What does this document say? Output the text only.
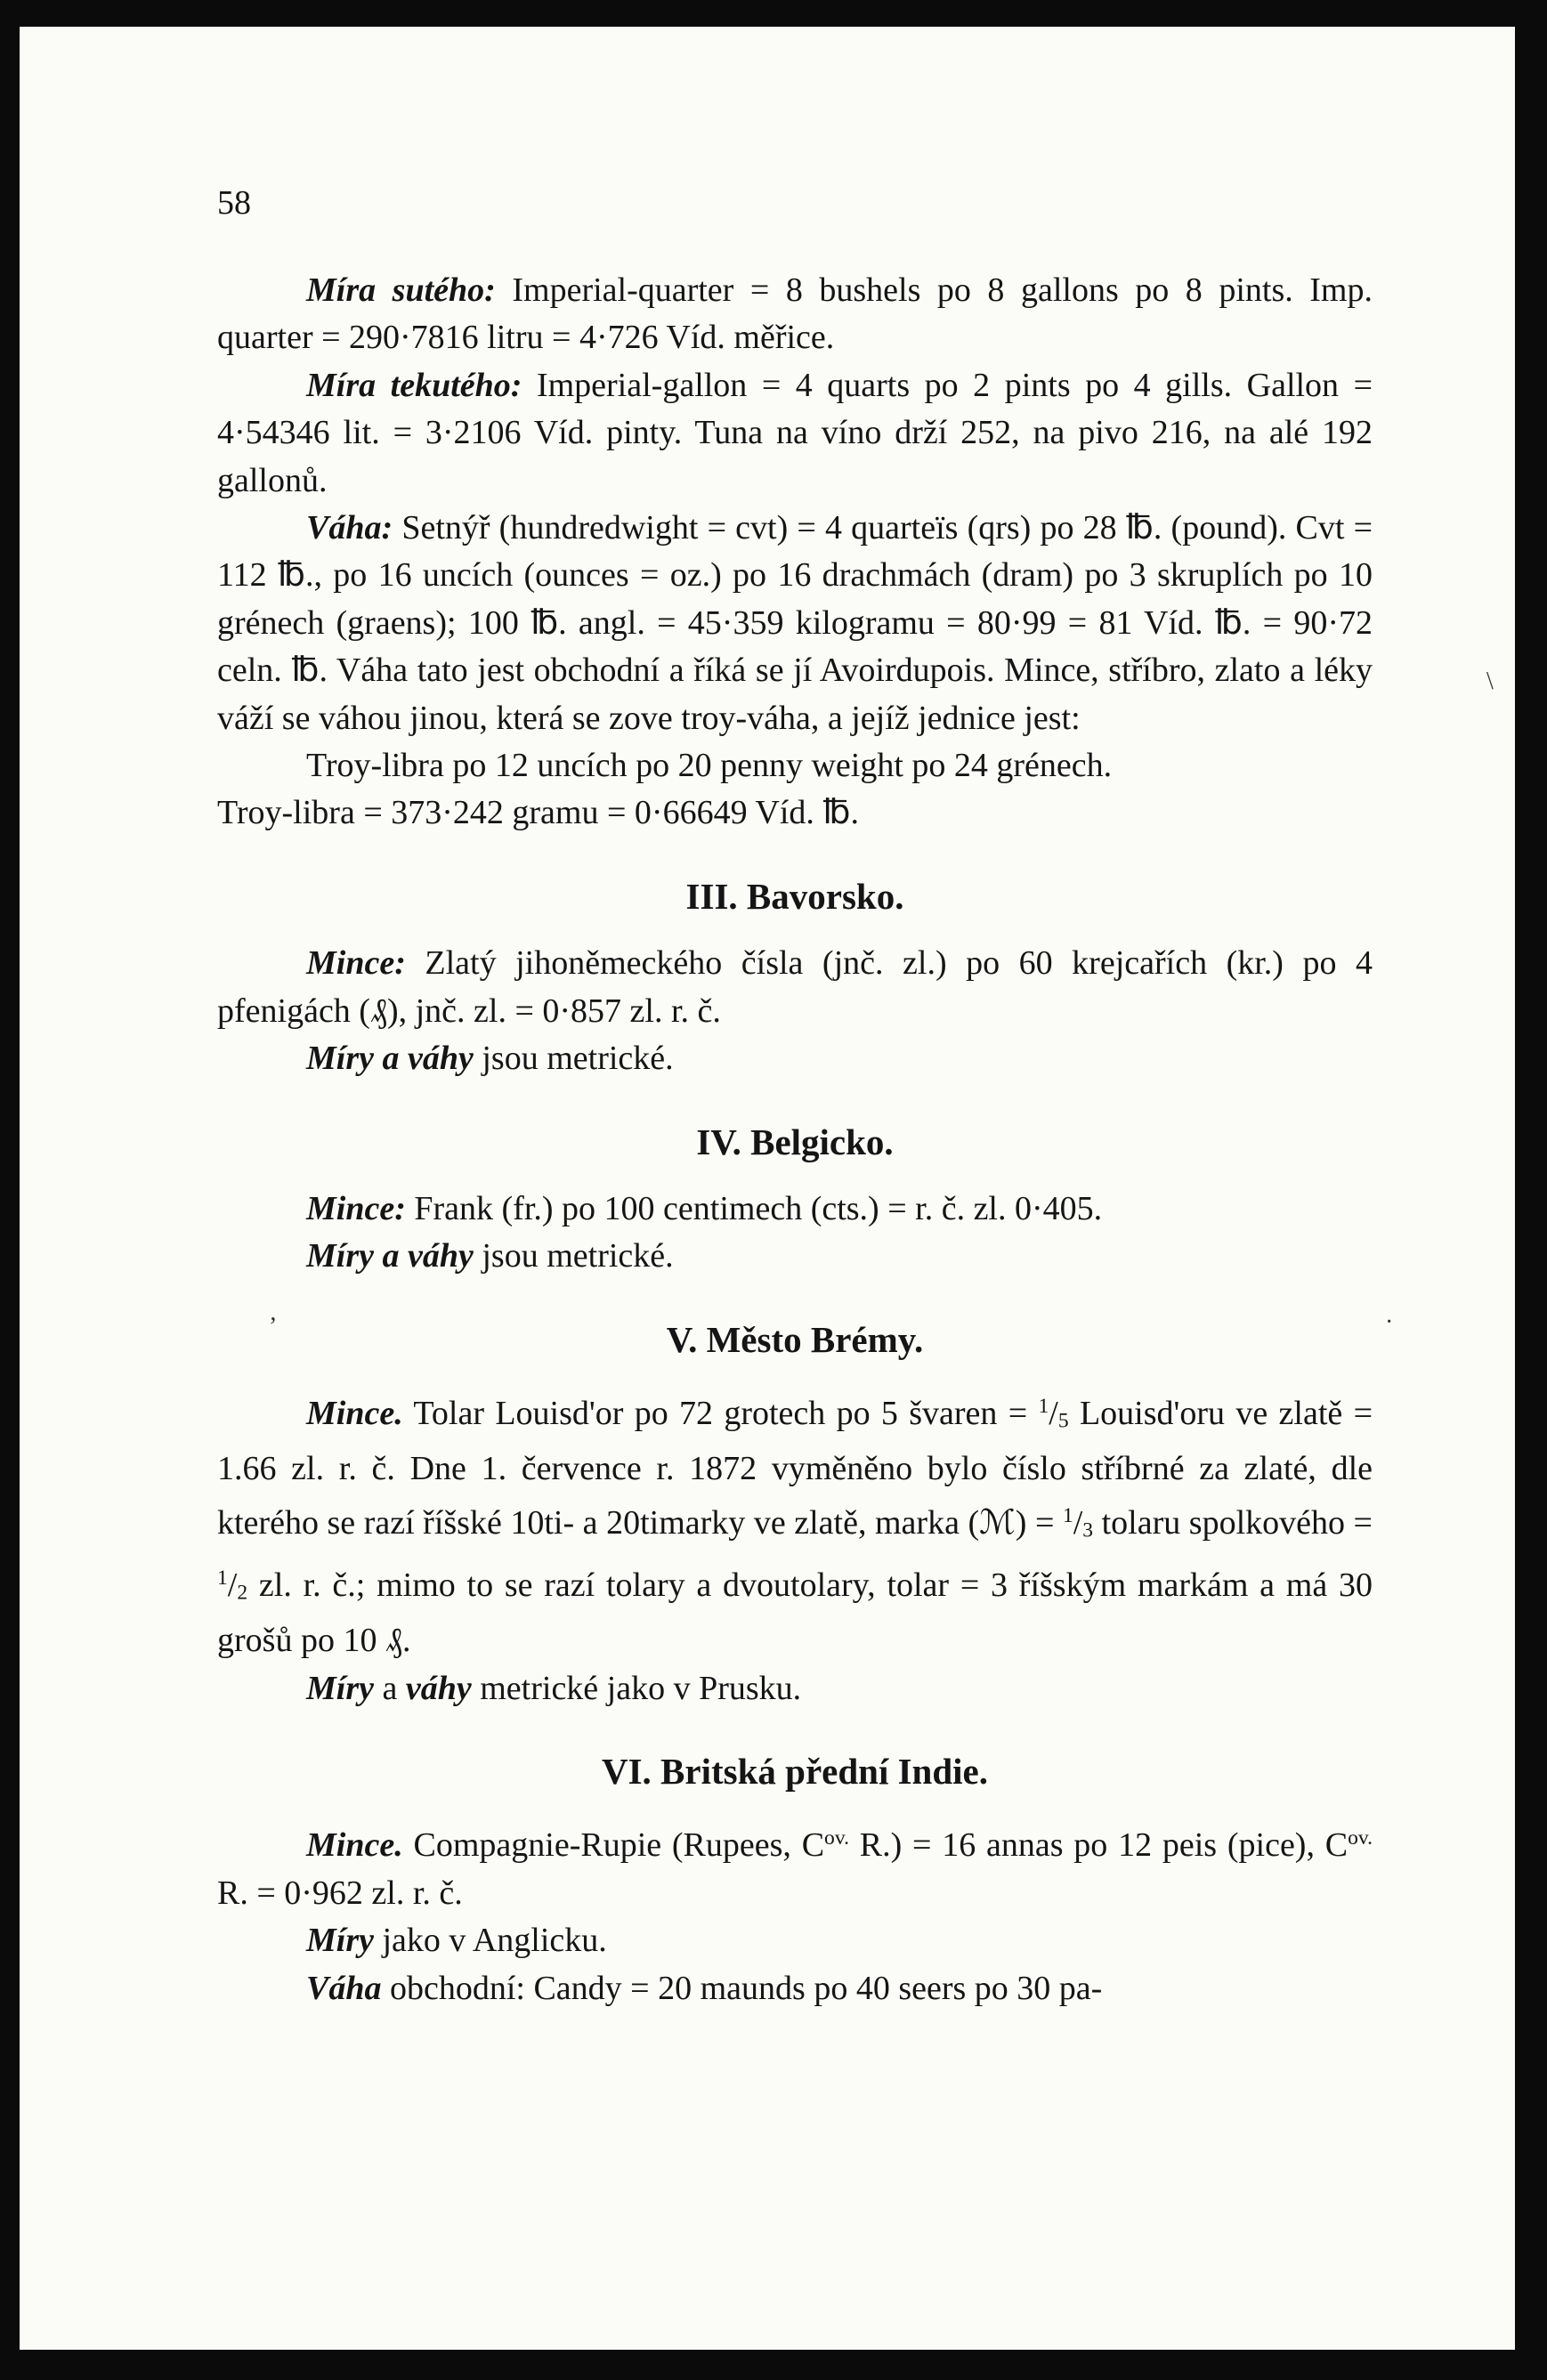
58

Míra sutého: Imperial-quarter = 8 bushels po 8 gallons po 8 pints. Imp. quarter = 290·7816 litru = 4·726 Víd. měřice.

Míra tekutého: Imperial-gallon = 4 quarts po 2 pints po 4 gills. Gallon = 4·54346 lit. = 3·2106 Víd. pinty. Tuna na víno drží 252, na pivo 216, na alé 192 gallonů.

Váha: Setnýř (hundredwight = cvt) = 4 quarteïs (qrs) po 28 ℔. (pound). Cvt = 112 ℔., po 16 uncích (ounces = oz.) po 16 drachmách (dram) po 3 skruplích po 10 grénech (graens); 100 ℔. angl. = 45·359 kilogramu = 80·99 = 81 Víd. ℔. = 90·72 celn. ℔. Váha tato jest obchodní a říká se jí Avoirdupois. Mince, stříbro, zlato a léky váží se váhou jinou, která se zove troy-váha, a jejíž jednice jest:

Troy-libra po 12 uncích po 20 penny weight po 24 grénech.

Troy-libra = 373·242 gramu = 0·66649 Víd. ℔.

III. Bavorsko.

Mince: Zlatý jihoněmeckého čísla (jnč. zl.) po 60 krejcařích (kr.) po 4 pfenigách (₰), jnč. zl. = 0·857 zl. r. č.

Míry a váhy jsou metrické.

IV. Belgicko.

Mince: Frank (fr.) po 100 centimech (cts.) = r. č. zl. 0·405.

Míry a váhy jsou metrické.

V. Město Brémy.

Mince. Tolar Louisd'or po 72 grotech po 5 švaren = $^1$/5 Louisd'oru ve zlatě = 1.66 zl. r. č. Dne 1. července r. 1872 vyměněno bylo číslo stříbrné za zlaté, dle kterého se razí říšské 10ti- a 20timarky ve zlatě, marka (ℳ) = $^1$/3 tolaru spolkového = $^1$/2 zl. r. č.; mimo to se razí tolary a dvoutolary, tolar = 3 říšským markám a má 30 grošů po 10 ₰.

Míry a váhy metrické jako v Prusku.

VI. Britská přední Indie.

Mince. Compagnie-Rupie (Rupees, $C^{ov.}$ R.) = 16 annas po 12 peis (pice), $C^{ov.}$ R. = 0·962 zl. r. č.

Míry jako v Anglicku.

Váha obchodní: Candy = 20 maunds po 40 seers po 30 pa-

ʼ
\
·
